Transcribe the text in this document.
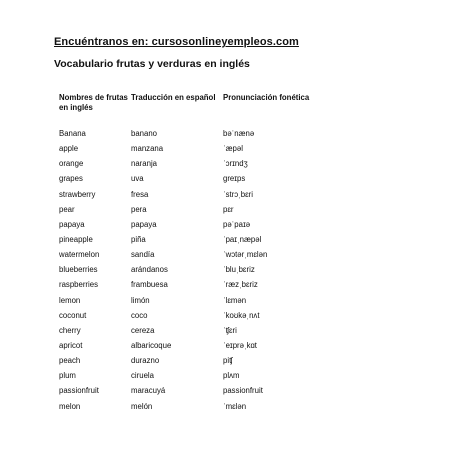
Encuéntranos en: cursosonlineyempleos.com
Vocabulario frutas y verduras en inglés
Nombres de frutas en inglés	Traducción en español	Pronunciación fonética
Banana	banano	bəˈnænə
apple	manzana	ˈæpəl
orange	naranja	ˈɔrɪndʒ
grapes	uva	greɪps
strawberry	fresa	ˈstrɔˌbɛri
pear	pera	pɛr
papaya	papaya	pəˈpaɪə
pineapple	piña	ˈpaɪˌnæpəl
watermelon	sandía	ˈwɔtərˌmɛlən
blueberries	arándanos	ˈbluˌbɛriz
raspberries	frambuesa	ˈræzˌbɛriz
lemon	limón	ˈlɛmən
coconut	coco	ˈkoʊkəˌnʌt
cherry	cereza	ˈʧɛri
apricot	albaricoque	ˈeɪprəˌkɑt
peach	durazno	piʧ
plum	ciruela	plʌm
passionfruit	maracuyá	passionfruit
melon	melón	ˈmɛlən
